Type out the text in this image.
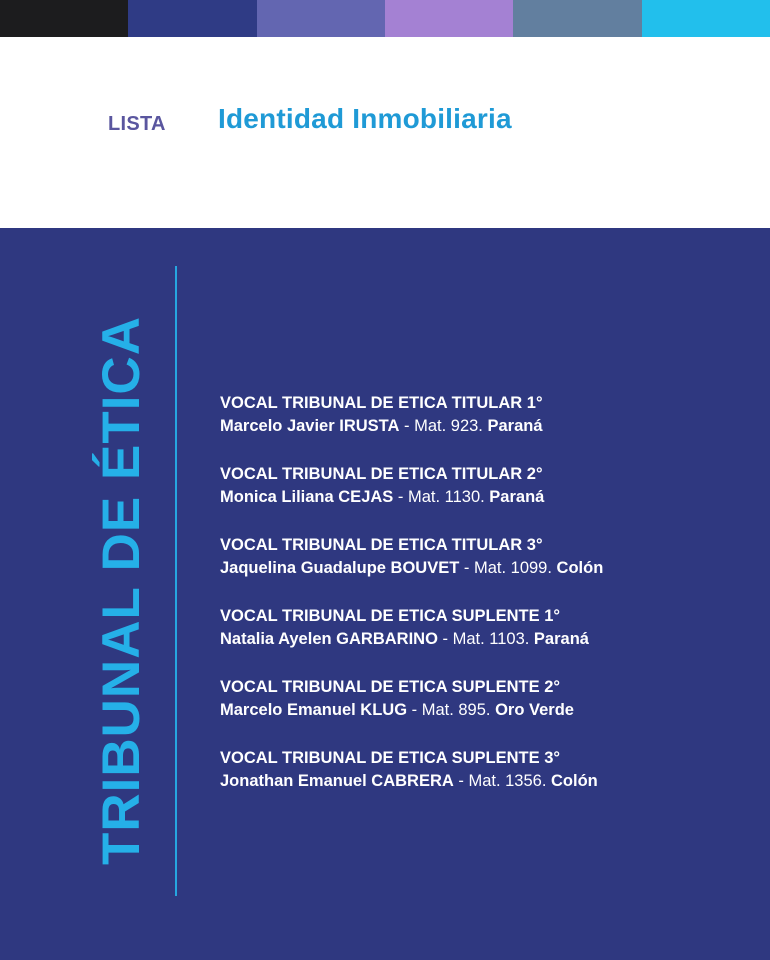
LISTA Identidad Inmobiliaria
TRIBUNAL DE ÉTICA	VOCAL TRIBUNAL DE ETICA TITULAR 1°
Marcelo Javier IRUSTA - Mat. 923. Paraná
VOCAL TRIBUNAL DE ETICA TITULAR 2°
Monica Liliana CEJAS - Mat. 1130. Paraná
VOCAL TRIBUNAL DE ETICA TITULAR 3°
Jaquelina Guadalupe BOUVET - Mat. 1099. Colón
VOCAL TRIBUNAL DE ETICA SUPLENTE 1°
Natalia Ayelen GARBARINO - Mat. 1103. Paraná
VOCAL TRIBUNAL DE ETICA SUPLENTE 2°
Marcelo Emanuel KLUG - Mat. 895. Oro Verde
VOCAL TRIBUNAL DE ETICA SUPLENTE 3°
Jonathan Emanuel CABRERA - Mat. 1356. Colón
